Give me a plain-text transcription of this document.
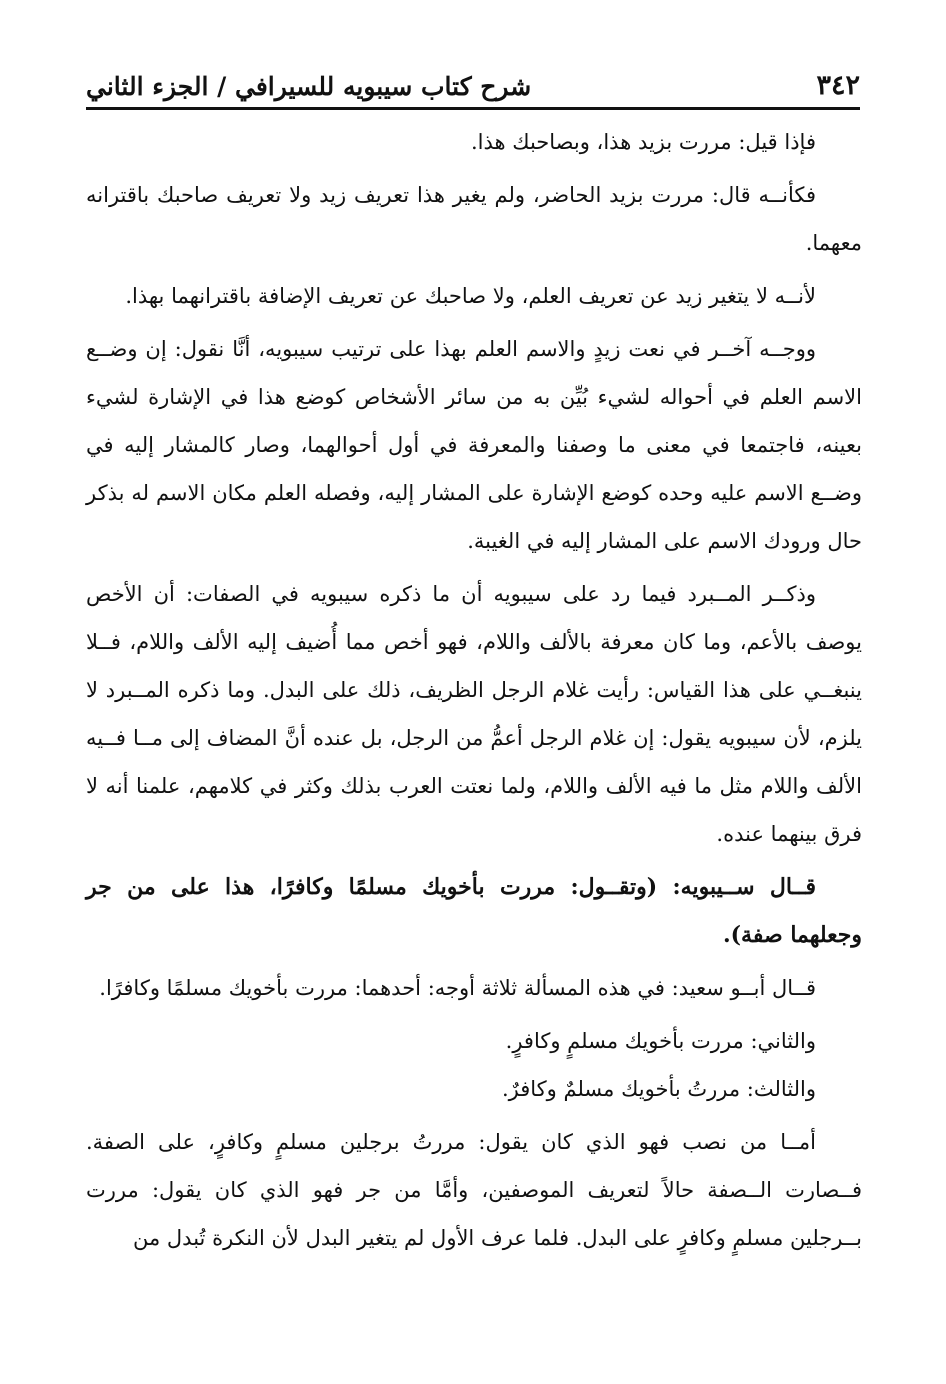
٣٤٢
شرح كتاب سيبويه للسيرافي / الجزء الثاني

فإذا قيل: مررت بزيد هذا، وبصاحبك هذا.

فكأنــه قال: مررت بزيد الحاضر، ولم يغير هذا تعريف زيد ولا تعريف صاحبك باقترانه معهما.

لأنــه لا يتغير زيد عن تعريف العلم، ولا صاحبك عن تعريف الإضافة باقترانهما بهذا.

ووجــه آخــر في نعت زيدٍ والاسم العلم بهذا على ترتيب سيبويه، أنَّا نقول: إن وضــع الاسم العلم في أحواله لشيء بُيِّن به من سائر الأشخاص كوضع هذا في الإشارة لشيء بعينه، فاجتمعا في معنى ما وصفنا والمعرفة في أول أحوالهما، وصار كالمشار إليه في وضــع الاسم عليه وحده كوضع الإشارة على المشار إليه، وفصله العلم مكان الاسم له بذكر حال ورودك الاسم على المشار إليه في الغيبة.

وذكــر المــبرد فيما رد على سيبويه أن ما ذكره سيبويه في الصفات: أن الأخص يوصف بالأعم، وما كان معرفة بالألف واللام، فهو أخص مما أُضيف إليه الألف واللام، فــلا ينبغــي على هذا القياس: رأيت غلام الرجل الظريف، ذلك على البدل. وما ذكره المــبرد لا يلزم، لأن سيبويه يقول: إن غلام الرجل أعمُّ من الرجل، بل عنده أنَّ المضاف إلى مــا فــيه الألف واللام مثل ما فيه الألف واللام، ولما نعتت العرب بذلك وكثر في كلامهم، علمنا أنه لا فرق بينهما عنده.

قــال ســيبويه: (وتقــول: مررت بأخويك مسلمًا وكافرًا، هذا على من جر وجعلهما صفة).

قــال أبــو سعيد: في هذه المسألة ثلاثة أوجه: أحدهما: مررت بأخويك مسلمًا وكافرًا.

والثاني: مررت بأخويك مسلمٍ وكافرٍ.

والثالث: مررتُ بأخويك مسلمٌ وكافرٌ.

أمــا من نصب فهو الذي كان يقول: مررتُ برجلين مسلمٍ وكافرٍ، على الصفة. فــصارت الــصفة حالاً لتعريف الموصفين، وأمَّا من جر فهو الذي كان يقول: مررت بــرجلين مسلمٍ وكافرٍ على البدل. فلما عرف الأول لم يتغير البدل لأن النكرة تُبدل من
